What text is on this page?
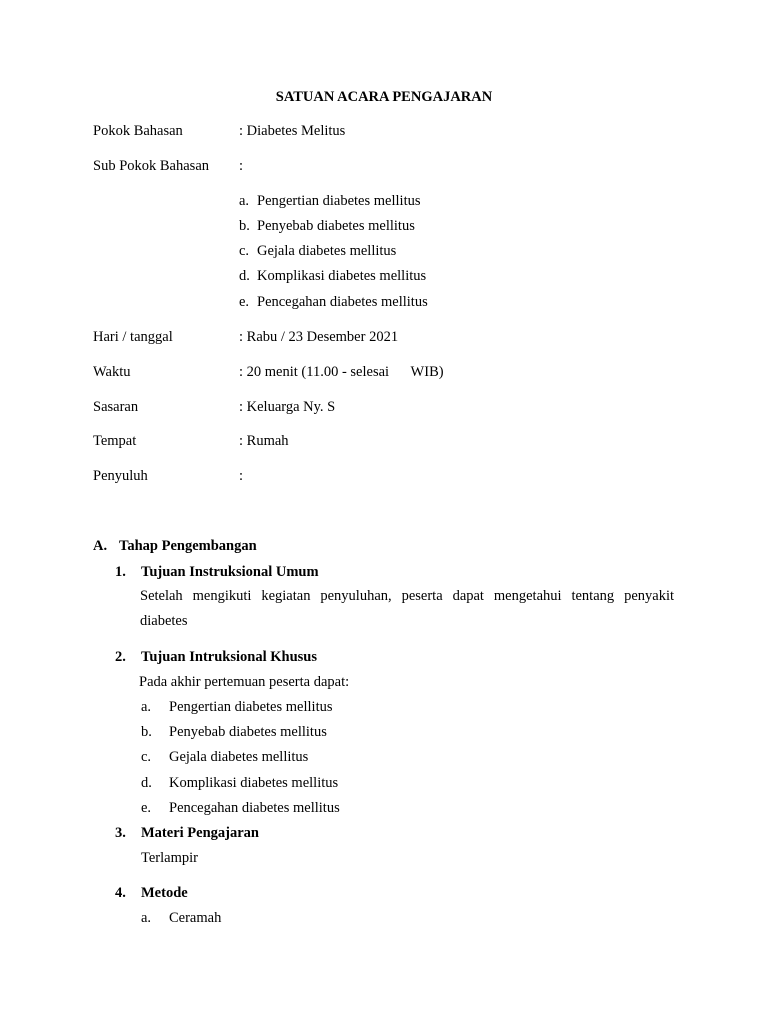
SATUAN ACARA PENGAJARAN
Pokok Bahasan	: Diabetes Melitus
Sub Pokok Bahasan :
a. Pengertian diabetes mellitus
b. Penyebab diabetes mellitus
c. Gejala diabetes mellitus
d. Komplikasi diabetes mellitus
e. Pencegahan diabetes mellitus
Hari / tanggal	: Rabu / 23 Desember 2021
Waktu	: 20 menit (11.00 - selesai      WIB)
Sasaran	: Keluarga Ny. S
Tempat	: Rumah
Penyuluh	:
A. Tahap Pengembangan
1. Tujuan Instruksional Umum
Setelah mengikuti kegiatan penyuluhan, peserta dapat mengetahui tentang penyakit diabetes
2. Tujuan Intruksional Khusus
Pada akhir pertemuan peserta dapat:
a. Pengertian diabetes mellitus
b. Penyebab diabetes mellitus
c. Gejala diabetes mellitus
d. Komplikasi diabetes mellitus
e. Pencegahan diabetes mellitus
3. Materi Pengajaran
Terlampir
4. Metode
a. Ceramah
